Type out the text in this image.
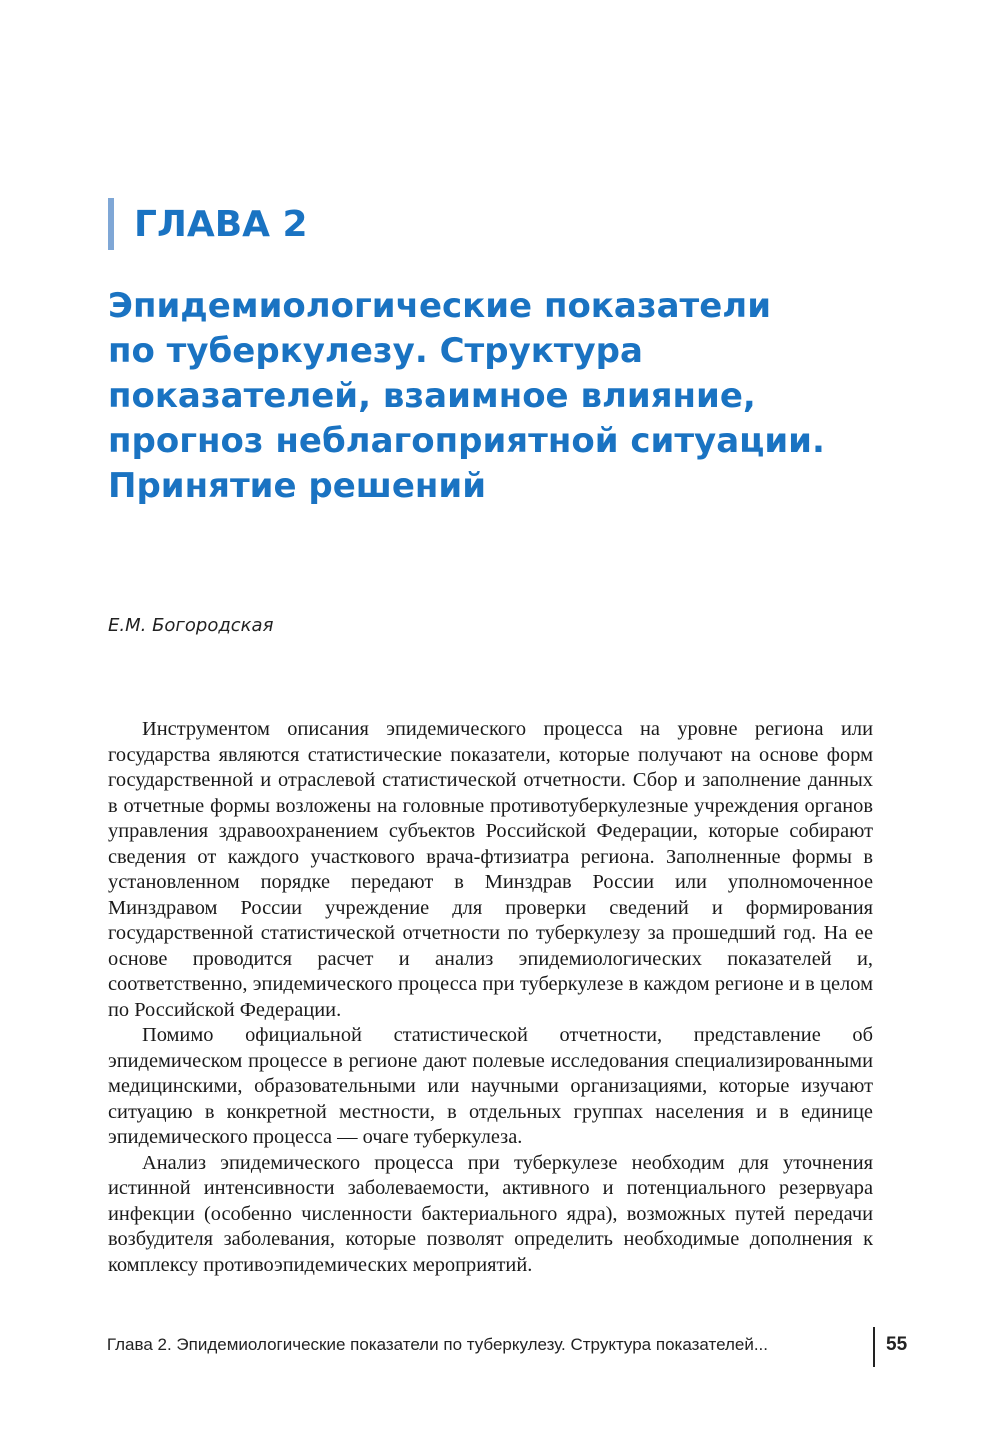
ГЛАВА 2
Эпидемиологические показатели
по туберкулезу. Структура
показателей, взаимное влияние,
прогноз неблагоприятной ситуации.
Принятие решений
Е.М. Богородская

Инструментом описания эпидемического процесса на уровне региона или государства являются статистические показатели, которые получают на основе форм государственной и отраслевой статистической отчетности. Сбор и заполнение данных в отчетные формы возложены на головные противотуберкулезные учреждения органов управления здравоохранением субъектов Российской Федерации, которые собирают сведения от каждого участкового врача-фтизиатра региона. Заполненные формы в установленном порядке передают в Минздрав России или уполномоченное Минздравом России учреждение для проверки сведений и формирования государственной статистической отчетности по туберкулезу за прошедший год. На ее основе проводится расчет и анализ эпидемиологических показателей и, соответственно, эпидемического процесса при туберкулезе в каждом регионе и в целом по Российской Федерации.

Помимо официальной статистической отчетности, представление об эпидемическом процессе в регионе дают полевые исследования специализированными медицинскими, образовательными или научными организациями, которые изучают ситуацию в конкретной местности, в отдельных группах населения и в единице эпидемического процесса — очаге туберкулеза.

Анализ эпидемического процесса при туберкулезе необходим для уточнения истинной интенсивности заболеваемости, активного и потенциального резервуара инфекции (особенно численности бактериального ядра), возможных путей передачи возбудителя заболевания, которые позволят определить необходимые дополнения к комплексу противоэпидемических мероприятий.

Глава 2. Эпидемиологические показатели по туберкулезу. Структура показателей...	55
